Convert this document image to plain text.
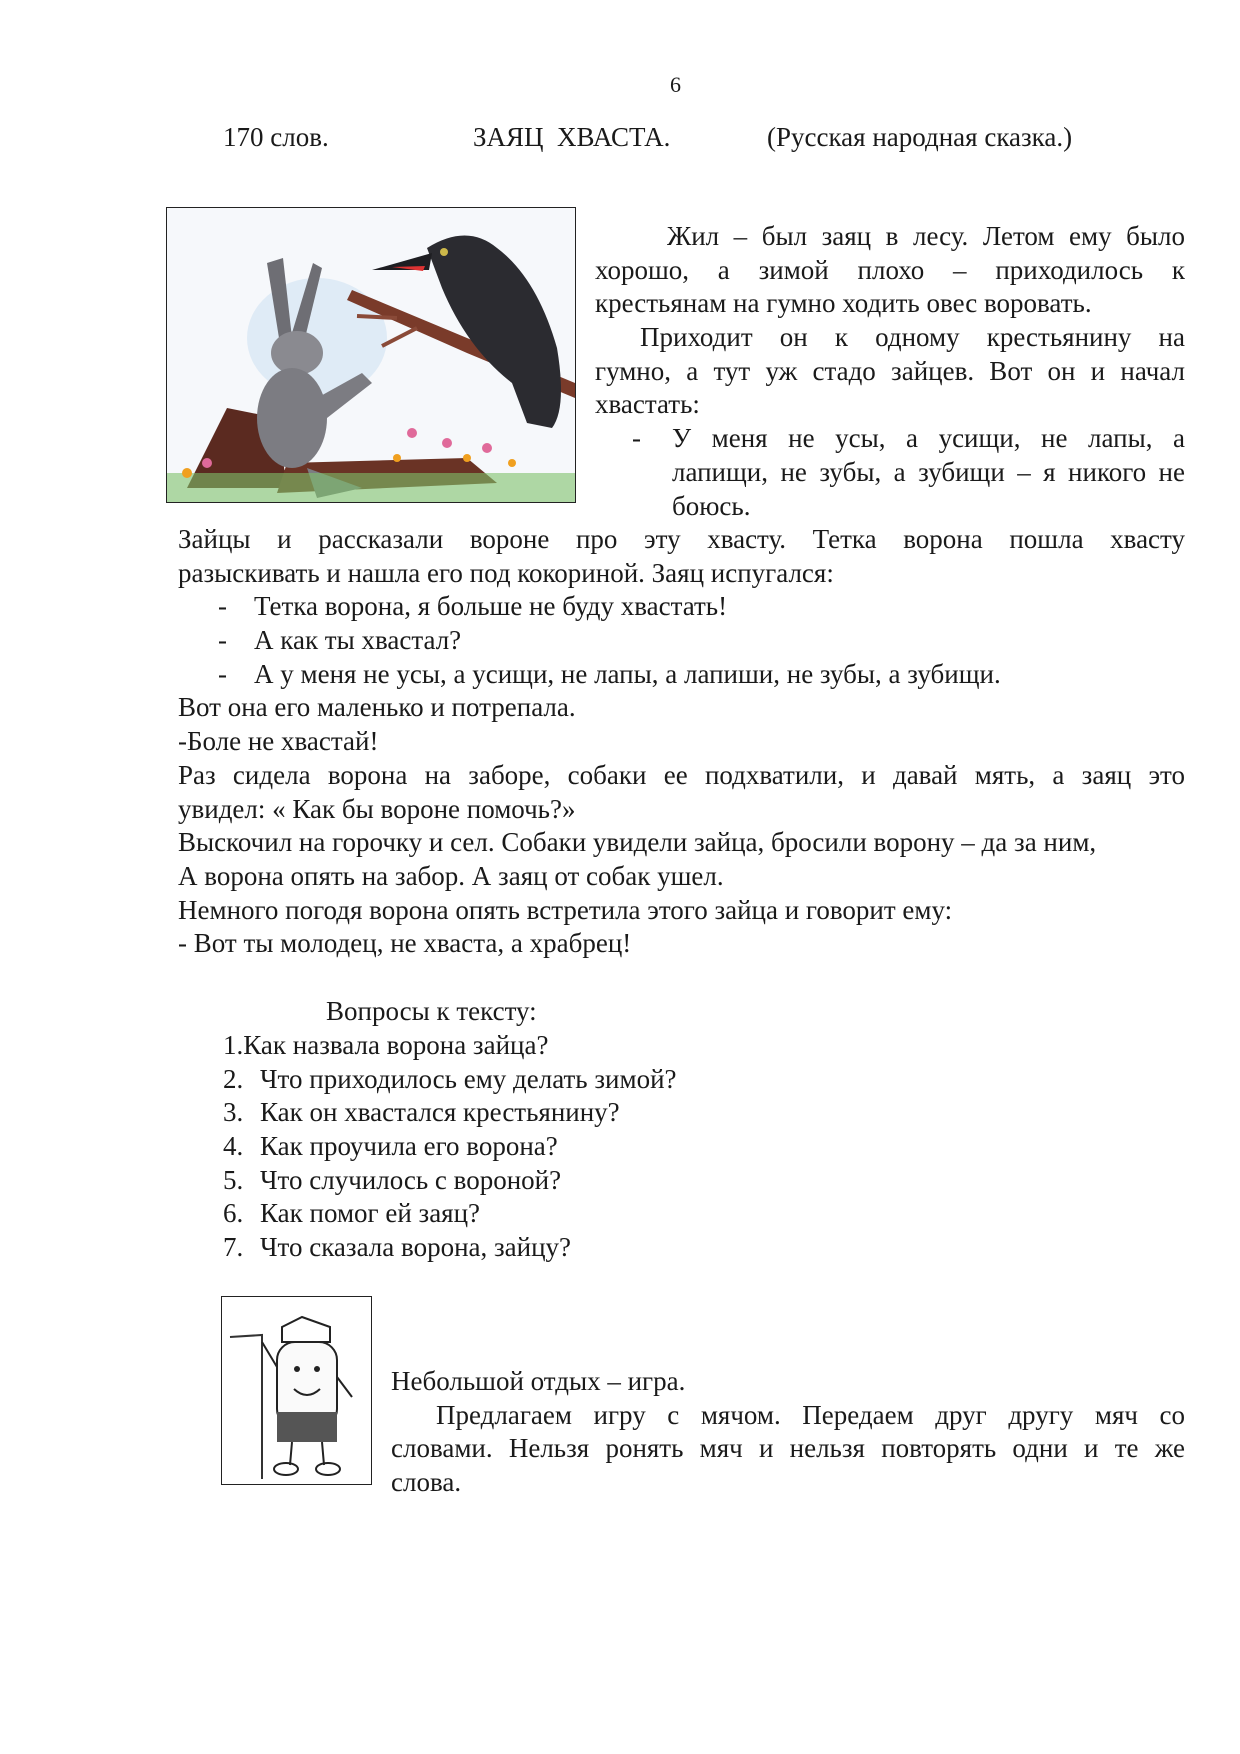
6
170 слов.	ЗАЯЦ  ХВАСТА.	(Русская народная сказка.)
Жил – был заяц в лесу. Летом ему было
хорошо, а зимой плохо – приходилось к
крестьянам на гумно ходить овес воровать.
Приходит он к одному крестьянину на
гумно, а тут уж стадо зайцев. Вот он и начал
хвастать:
- У меня не усы, а усищи, не лапы, а
лапищи, не зубы, а зубищи – я никого не
боюсь.
Зайцы и рассказали вороне про эту хвасту. Тетка ворона пошла хвасту
разыскивать и нашла его под кокориной. Заяц испугался:
- Тетка ворона, я больше не буду хвастать!
- А как ты хвастал?
- А у меня не усы, а усищи, не лапы, а лапиши, не зубы, а зубищи.
Вот она его маленько и потрепала.
-Боле не хвастай!
Раз сидела ворона на заборе, собаки ее подхватили, и давай мять, а заяц это
увидел: « Как бы вороне помочь?»
Выскочил на горочку и сел. Собаки увидели зайца, бросили ворону – да за ним,
А ворона опять на забор. А заяц от собак ушел.
Немного погодя ворона опять встретила этого зайца и говорит ему:
- Вот ты молодец, не хваста, а храбрец!
Вопросы к тексту:
1.Как назвала ворона зайца?
2. Что приходилось ему делать зимой?
3. Как он хвастался крестьянину?
4. Как проучила его ворона?
5. Что случилось с вороной?
6. Как помог ей заяц?
7. Что сказала ворона, зайцу?
Небольшой отдых – игра.
Предлагаем игру с мячом. Передаем друг другу мяч со
словами. Нельзя ронять мяч и нельзя повторять одни и те же
слова.
